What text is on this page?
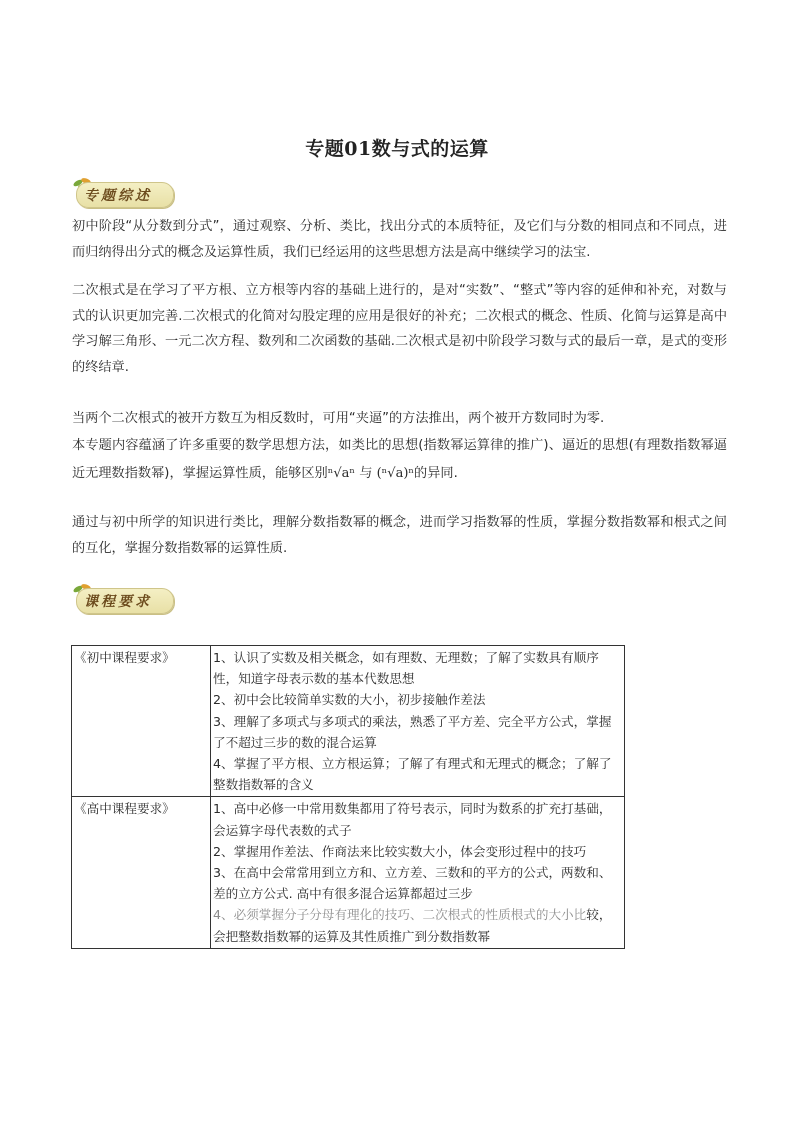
专题01数与式的运算
专题综述
初中阶段“从分数到分式”，通过观察、分析、类比，找出分式的本质特征，及它们与分数的相同点和不同点，进而归纳得出分式的概念及运算性质，我们已经运用的这些思想方法是高中继续学习的法宝.
二次根式是在学习了平方根、立方根等内容的基础上进行的，是对“实数”、“整式”等内容的延伸和补充，对数与式的认识更加完善.二次根式的化简对勾股定理的应用是很好的补充；二次根式的概念、性质、化简与运算是高中学习解三角形、一元二次方程、数列和二次函数的基础.二次根式是初中阶段学习数与式的最后一章，是式的变形的终结章.
当两个二次根式的被开方数互为相反数时，可用“夹逼”的方法推出，两个被开方数同时为零.
本专题内容蕴涵了许多重要的数学思想方法，如类比的思想(指数幂运算律的推广)、逼近的思想(有理数指数幂逼近无理数指数幂)，掌握运算性质，能够区别ⁿ√aⁿ 与 (ⁿ√a)ⁿ的异同.
通过与初中所学的知识进行类比，理解分数指数幂的概念，进而学习指数幂的性质，掌握分数指数幂和根式之间的互化，掌握分数指数幂的运算性质.
课程要求
《初中课程要求》	1、认识了实数及相关概念，如有理数、无理数；了解了实数具有顺序性，知道字母表示数的基本代数思想
2、初中会比较简单实数的大小，初步接触作差法
3、理解了多项式与多项式的乘法，熟悉了平方差、完全平方公式，掌握了不超过三步的数的混合运算
4、掌握了平方根、立方根运算；了解了有理式和无理式的概念；了解了整数指数幂的含义

《高中课程要求》	1、高中必修一中常用数集都用了符号表示，同时为数系的扩充打基础，会运算字母代表数的式子
2、掌握用作差法、作商法来比较实数大小，体会变形过程中的技巧
3、在高中会常常用到立方和、立方差、三数和的平方的公式，两数和、差的立方公式. 高中有很多混合运算都超过三步
4、必须掌握分子分母有理化的技巧、二次根式的性质根式的大小比较，会把整数指数幂的运算及其性质推广到分数指数幂
